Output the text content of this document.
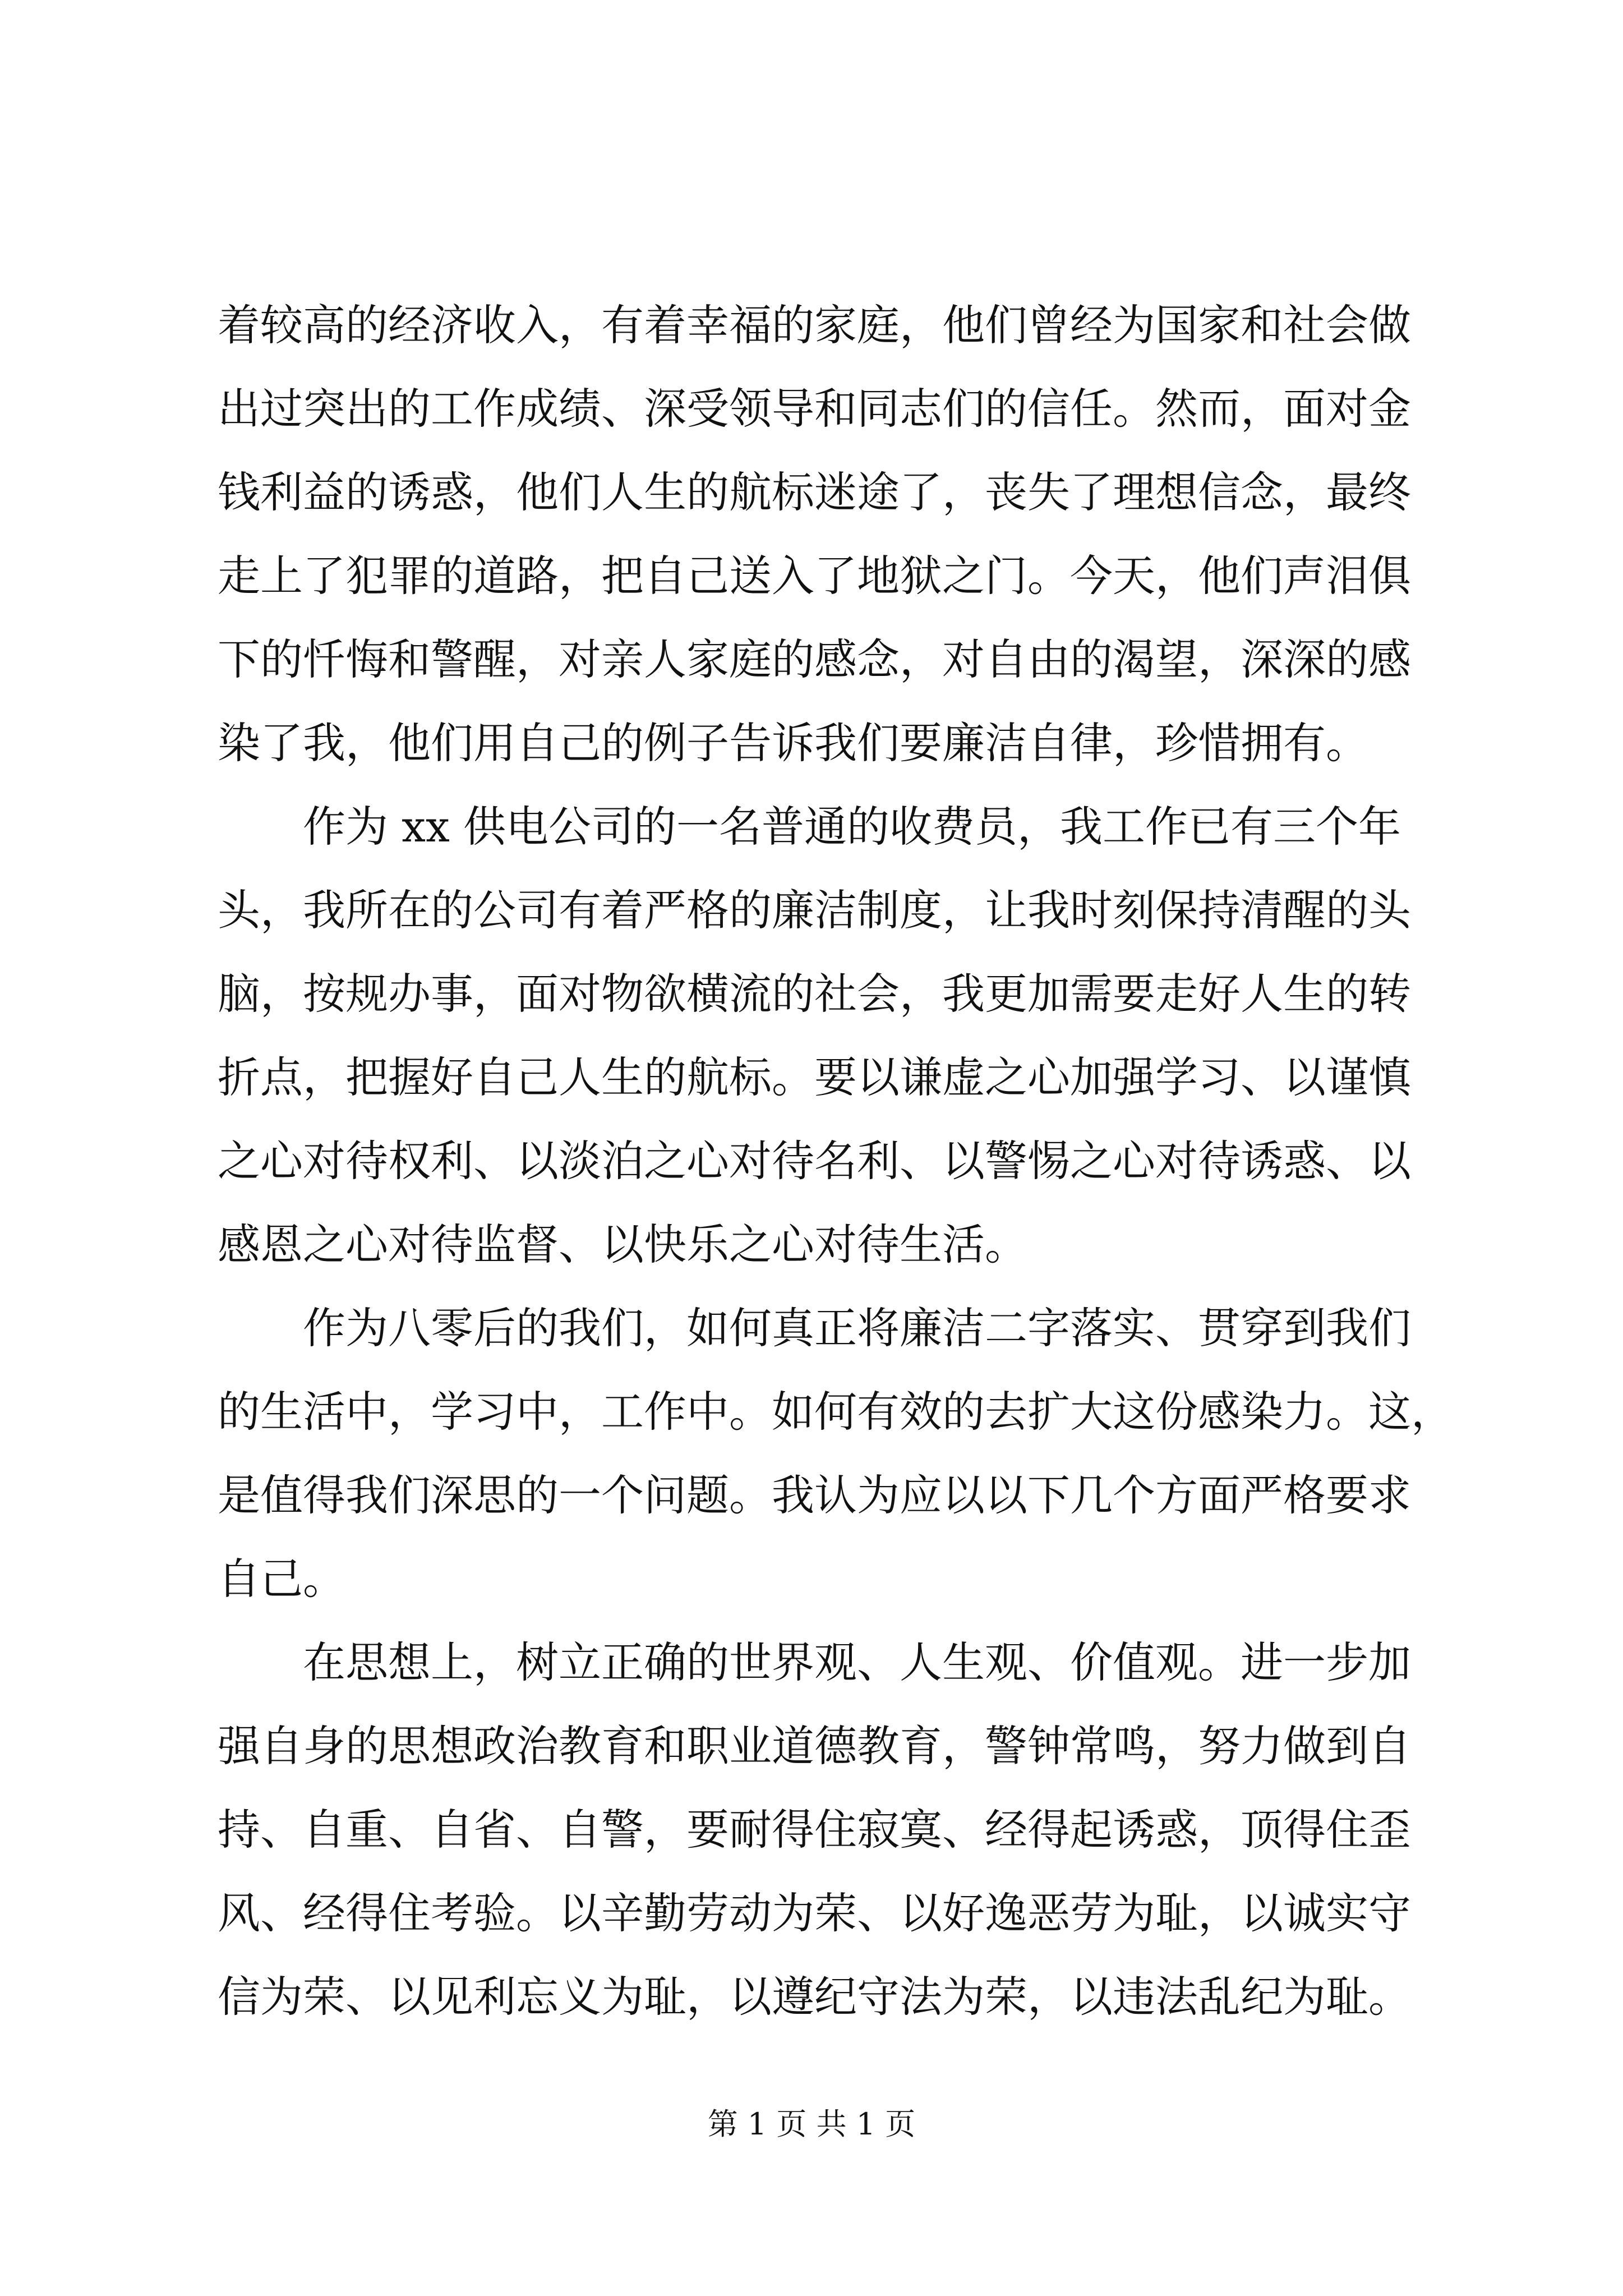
着较高的经济收入，有着幸福的家庭，他们曾经为国家和社会做
出过突出的工作成绩、深受领导和同志们的信任。然而，面对金
钱利益的诱惑，他们人生的航标迷途了，丧失了理想信念，最终
走上了犯罪的道路，把自己送入了地狱之门。今天，他们声泪俱
下的忏悔和警醒，对亲人家庭的感念，对自由的渴望，深深的感
染了我，他们用自己的例子告诉我们要廉洁自律，珍惜拥有。
作为 xx 供电公司的一名普通的收费员，我工作已有三个年
头，我所在的公司有着严格的廉洁制度，让我时刻保持清醒的头
脑，按规办事，面对物欲横流的社会，我更加需要走好人生的转
折点，把握好自己人生的航标。要以谦虚之心加强学习、以谨慎
之心对待权利、以淡泊之心对待名利、以警惕之心对待诱惑、以
感恩之心对待监督、以快乐之心对待生活。
作为八零后的我们，如何真正将廉洁二字落实、贯穿到我们
的生活中，学习中，工作中。如何有效的去扩大这份感染力。这，
是值得我们深思的一个问题。我认为应以以下几个方面严格要求
自己。
在思想上，树立正确的世界观、人生观、价值观。进一步加
强自身的思想政治教育和职业道德教育，警钟常鸣，努力做到自
持、自重、自省、自警，要耐得住寂寞、经得起诱惑，顶得住歪
风、经得住考验。以辛勤劳动为荣、以好逸恶劳为耻，以诚实守
信为荣、以见利忘义为耻，以遵纪守法为荣，以违法乱纪为耻。
第 1 页 共 1 页
